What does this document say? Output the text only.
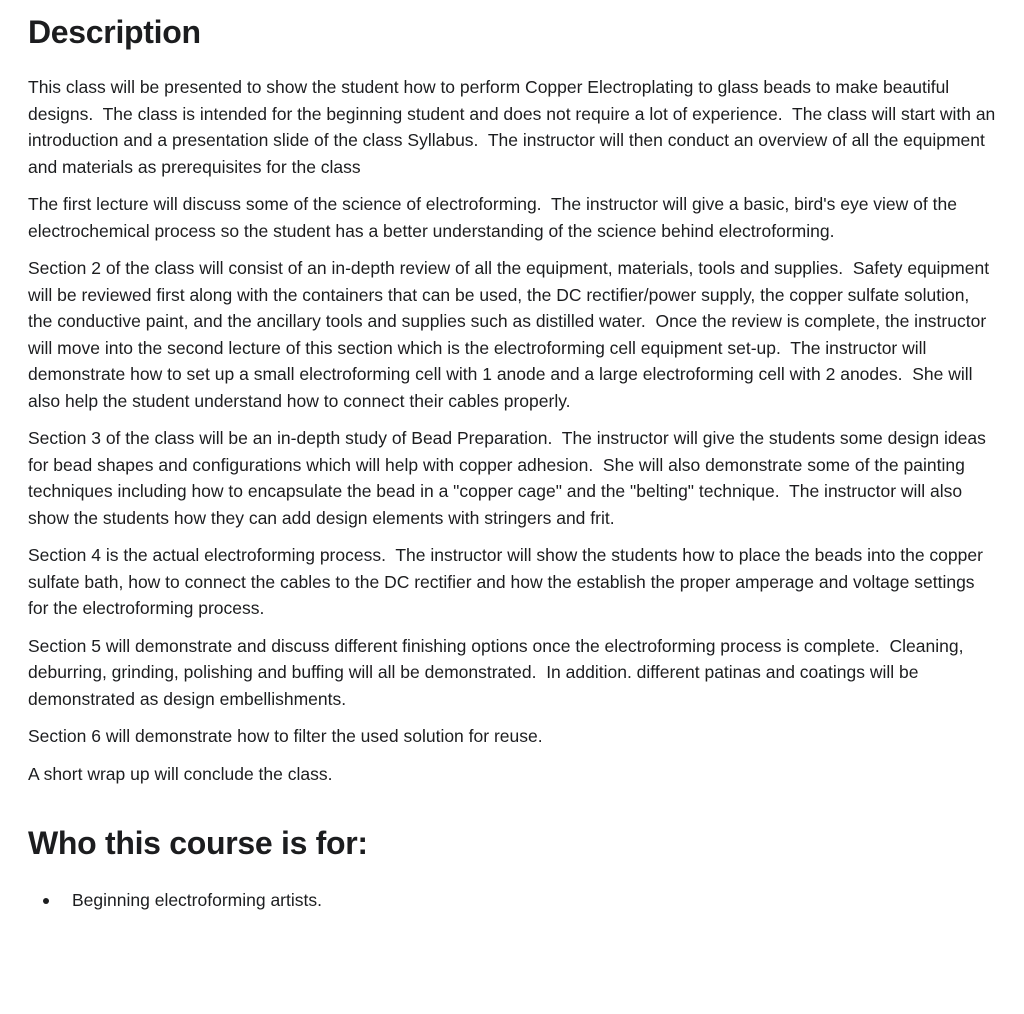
Description

This class will be presented to show the student how to perform Copper Electroplating to glass beads to make beautiful designs.  The class is intended for the beginning student and does not require a lot of experience.  The class will start with an introduction and a presentation slide of the class Syllabus.  The instructor will then conduct an overview of all the equipment and materials as prerequisites for the class

The first lecture will discuss some of the science of electroforming.  The instructor will give a basic, bird's eye view of the electrochemical process so the student has a better understanding of the science behind electroforming.

Section 2 of the class will consist of an in-depth review of all the equipment, materials, tools and supplies.  Safety equipment will be reviewed first along with the containers that can be used, the DC rectifier/power supply, the copper sulfate solution, the conductive paint, and the ancillary tools and supplies such as distilled water.  Once the review is complete, the instructor will move into the second lecture of this section which is the electroforming cell equipment set-up.  The instructor will demonstrate how to set up a small electroforming cell with 1 anode and a large electroforming cell with 2 anodes.  She will also help the student understand how to connect their cables properly.

Section 3 of the class will be an in-depth study of Bead Preparation.  The instructor will give the students some design ideas for bead shapes and configurations which will help with copper adhesion.  She will also demonstrate some of the painting techniques including how to encapsulate the bead in a "copper cage" and the "belting" technique.  The instructor will also show the students how they can add design elements with stringers and frit.

Section 4 is the actual electroforming process.  The instructor will show the students how to place the beads into the copper sulfate bath, how to connect the cables to the DC rectifier and how the establish the proper amperage and voltage settings for the electroforming process.

Section 5 will demonstrate and discuss different finishing options once the electroforming process is complete.  Cleaning, deburring, grinding, polishing and buffing will all be demonstrated.  In addition. different patinas and coatings will be demonstrated as design embellishments.

Section 6 will demonstrate how to filter the used solution for reuse.

A short wrap up will conclude the class.

Who this course is for:
Beginning electroforming artists.
